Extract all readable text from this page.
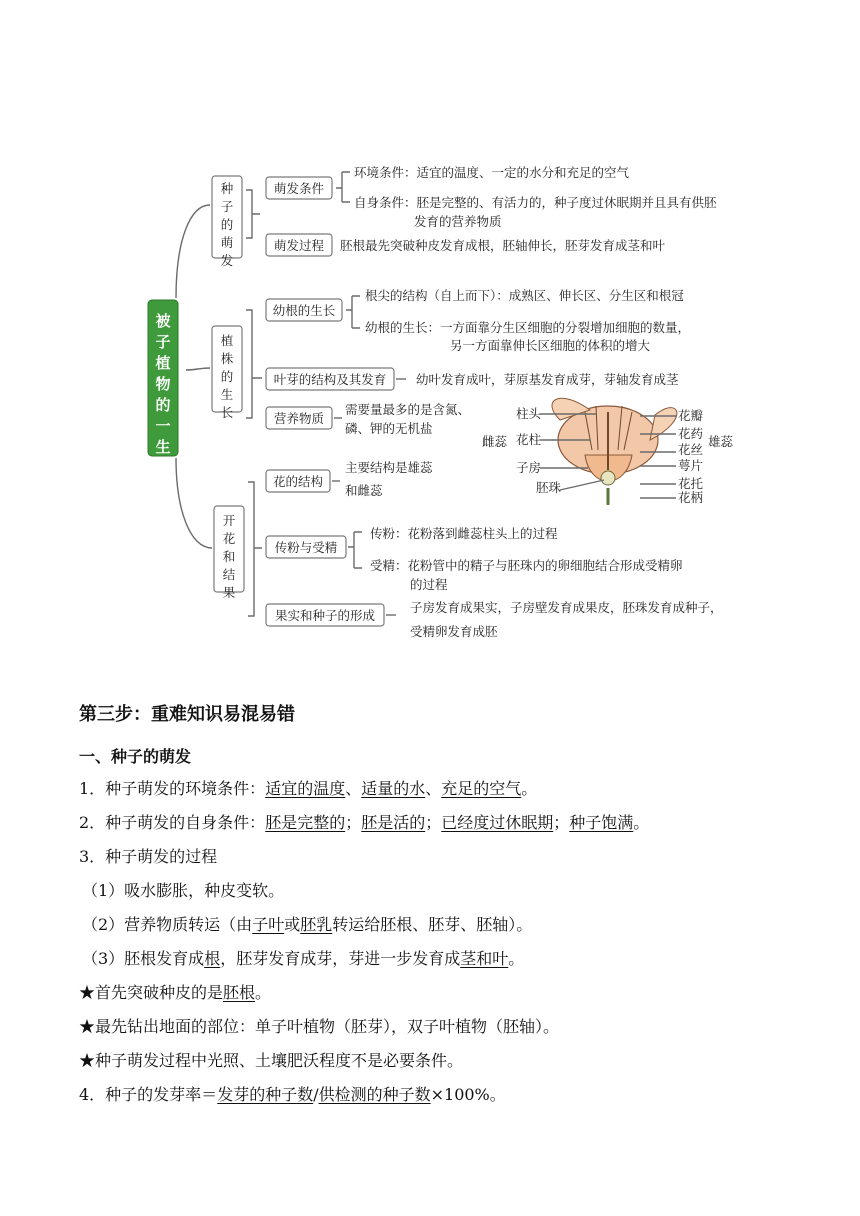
被
子
植
物
的
一
生
种
子
的
萌
发
植
株
的
生
长
开
花
和
结
果
萌发条件
环境条件：适宜的温度、一定的水分和充足的空气
自身条件：胚是完整的、有活力的，种子度过休眠期并且具有供胚
发育的营养物质
萌发过程 胚根最先突破种皮发育成根，胚轴伸长，胚芽发育成茎和叶
幼根的生长
根尖的结构（自上而下）：成熟区、伸长区、分生区和根冠
幼根的生长：一方面靠分生区细胞的分裂增加细胞的数量，
另一方面靠伸长区细胞的体积的增大
叶芽的结构及其发育 幼叶发育成叶，芽原基发育成芽，芽轴发育成茎
营养物质
需要量最多的是含氮、
磷、钾的无机盐
花的结构
主要结构是雄蕊
和雌蕊
传粉与受精
传粉：花粉落到雌蕊柱头上的过程
受精：花粉管中的精子与胚珠内的卵细胞结合形成受精卵
的过程
果实和种子的形成
子房发育成果实，子房壁发育成果皮，胚珠发育成种子，
受精卵发育成胚
柱头
花柱
子房
胚珠
雌蕊
花瓣
花药
花丝
萼片
花托
花柄
雄蕊
第三步：重难知识易混易错
一、种子的萌发
1．种子萌发的环境条件：适宜的温度、适量的水、充足的空气。
2．种子萌发的自身条件：胚是完整的；胚是活的；已经度过休眠期；种子饱满。
3．种子萌发的过程
（1）吸水膨胀，种皮变软。
（2）营养物质转运（由子叶或胚乳转运给胚根、胚芽、胚轴）。
（3）胚根发育成根，胚芽发育成芽，芽进一步发育成茎和叶。
★首先突破种皮的是胚根。
★最先钻出地面的部位：单子叶植物（胚芽），双子叶植物（胚轴）。
★种子萌发过程中光照、土壤肥沃程度不是必要条件。
4．种子的发芽率＝发芽的种子数/供检测的种子数×100%。
